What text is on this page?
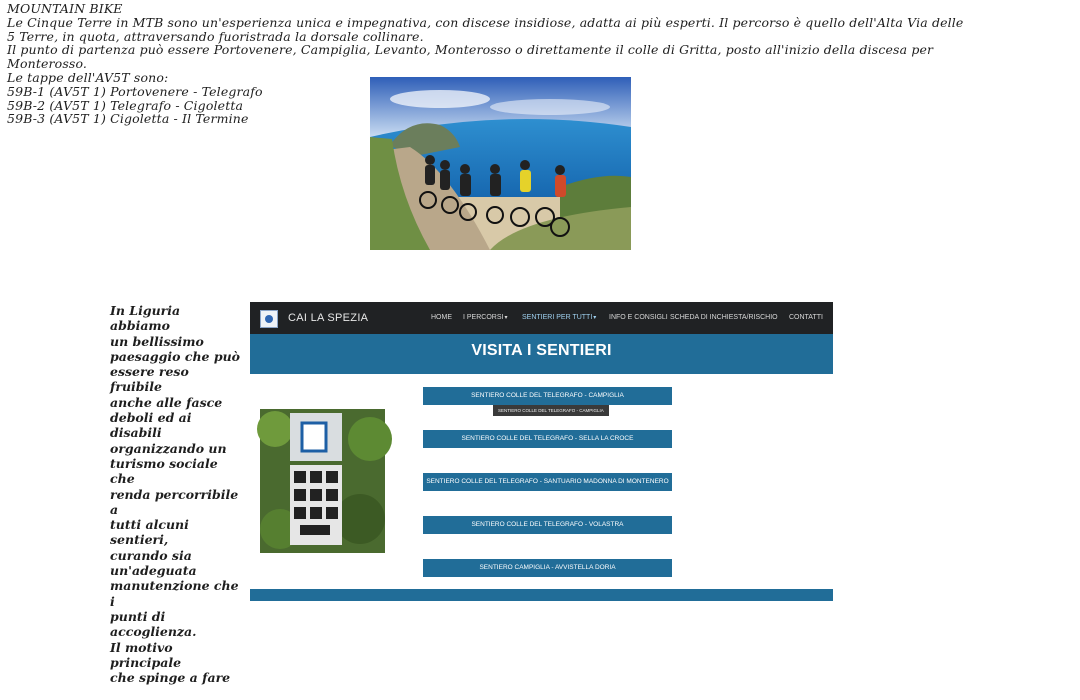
MOUNTAIN BIKE
Le Cinque Terre in MTB sono un'esperienza unica e impegnativa, con discese insidiose, adatta ai più esperti. Il percorso è quello dell'Alta Via delle
5 Terre, in quota, attraversando fuoristrada la dorsale collinare.
Il punto di partenza può essere Portovenere, Campiglia, Levanto, Monterosso o direttamente il colle di Gritta, posto all'inizio della discesa per
Monterosso.
Le tappe dell'AV5T sono:
59B-1 (AV5T 1) Portovenere - Telegrafo
59B-2 (AV5T 1) Telegrafo - Cigoletta
59B-3 (AV5T 1) Cigoletta - Il Termine
In Liguria abbiamo
un bellissimo
paesaggio che può
essere reso fruibile
anche alle fasce
deboli ed ai disabili
organizzando un
turismo sociale che
renda percorribile a
tutti alcuni sentieri,
curando sia
un'adeguata
manutenzione che i
punti di accoglienza.
Il motivo principale
che spinge a fare
CAI LA SPEZIA	HOME I PERCORSI▾ SENTIERI PER TUTTI▾ INFO E CONSIGLI SCHEDA DI INCHIESTA/RISCHIO CONTATTI
VISITA I SENTIERI
SENTIERO COLLE DEL TELEGRAFO - CAMPIGLIA
SENTIERO COLLE DEL TELEGRAFO - CAMPIGLIA
SENTIERO COLLE DEL TELEGRAFO - SELLA LA CROCE
SENTIERO COLLE DEL TELEGRAFO - SANTUARIO MADONNA DI MONTENERO
SENTIERO COLLE DEL TELEGRAFO - VOLASTRA
SENTIERO CAMPIGLIA - AVVISTELLA DORIA
